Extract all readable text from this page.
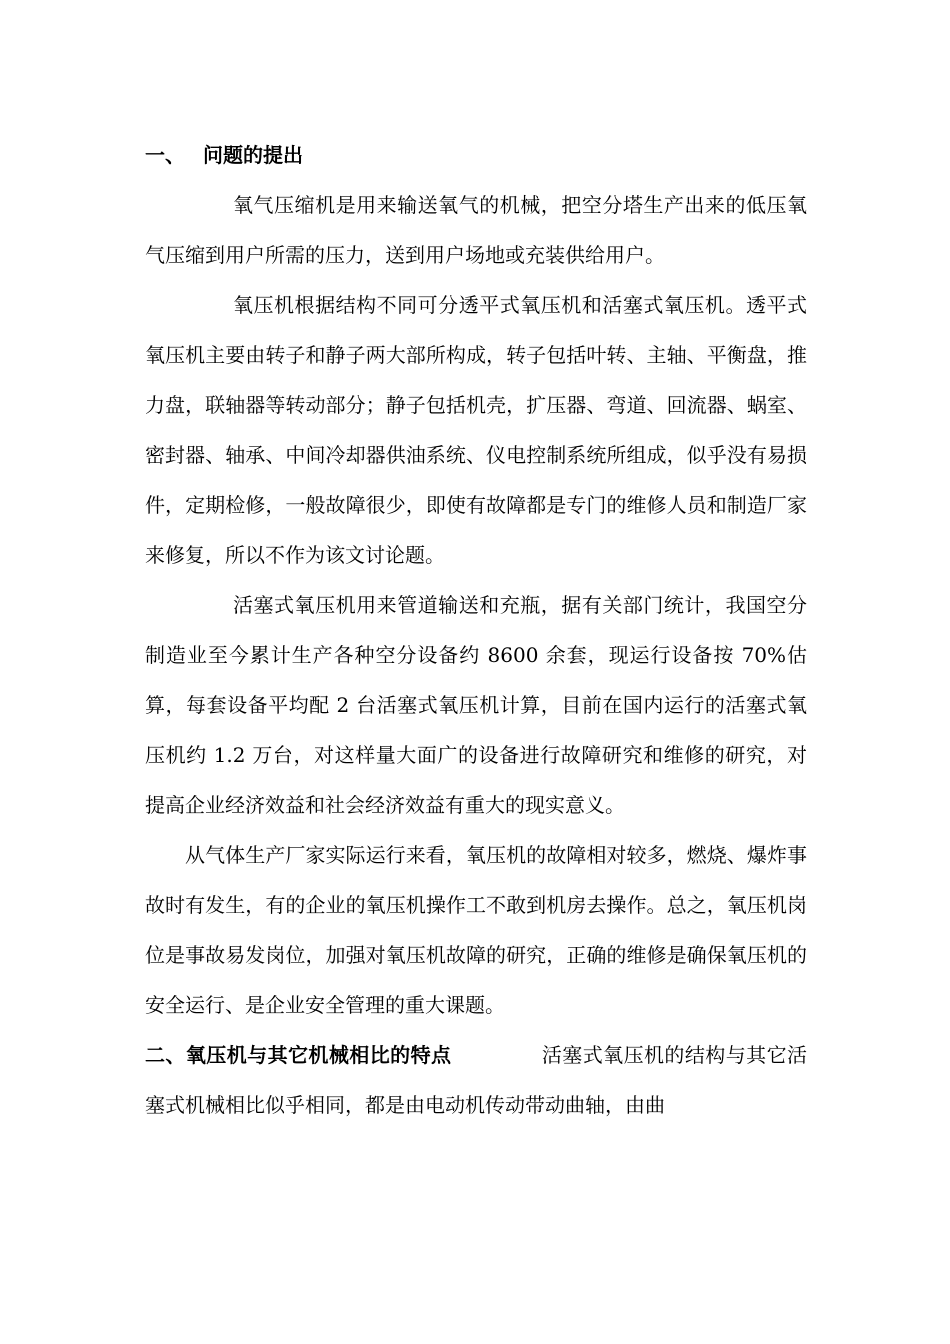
一、 问题的提出

氧气压缩机是用来输送氧气的机械，把空分塔生产出来的低压氧气压缩到用户所需的压力，送到用户场地或充装供给用户。

氧压机根据结构不同可分透平式氧压机和活塞式氧压机。透平式氧压机主要由转子和静子两大部所构成，转子包括叶转、主轴、平衡盘，推力盘，联轴器等转动部分；静子包括机壳，扩压器、弯道、回流器、蜗室、密封器、轴承、中间冷却器供油系统、仪电控制系统所组成，似乎没有易损件，定期检修，一般故障很少，即使有故障都是专门的维修人员和制造厂家来修复，所以不作为该文讨论题。

活塞式氧压机用来管道输送和充瓶，据有关部门统计，我国空分制造业至今累计生产各种空分设备约 8600 余套，现运行设备按 70%估算，每套设备平均配 2 台活塞式氧压机计算，目前在国内运行的活塞式氧压机约 1.2 万台，对这样量大面广的设备进行故障研究和维修的研究，对提高企业经济效益和社会经济效益有重大的现实意义。

从气体生产厂家实际运行来看，氧压机的故障相对较多，燃烧、爆炸事故时有发生，有的企业的氧压机操作工不敢到机房去操作。总之，氧压机岗位是事故易发岗位，加强对氧压机故障的研究，正确的维修是确保氧压机的安全运行、是企业安全管理的重大课题。

二、氧压机与其它机械相比的特点	活塞式氧压机的结构与其它活塞式机械相比似乎相同，都是由电动机传动带动曲轴，由曲
